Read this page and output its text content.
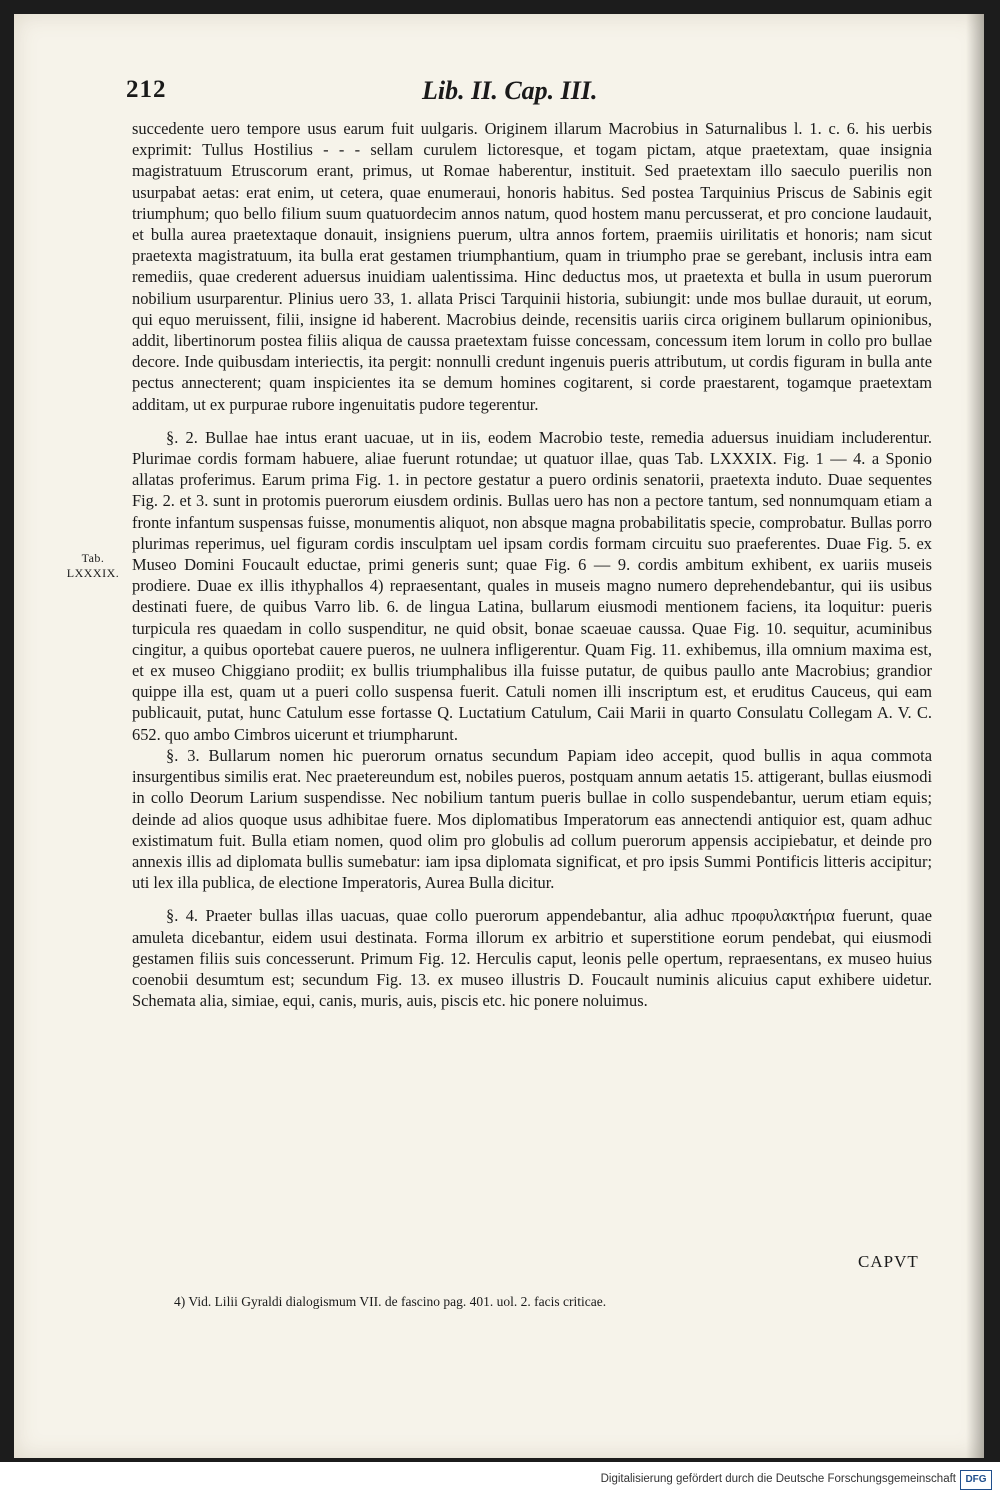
212	Lib. II. Cap. III.
Tab.
LXXXIX.

succedente uero tempore usus earum fuit uulgaris. Originem illarum Macrobius in Saturnalibus l. 1. c. 6. his uerbis exprimit: Tullus Hostilius - - - sellam curulem lictoresque, et togam pictam, atque praetextam, quae insignia magistratuum Etruscorum erant, primus, ut Romae haberentur, instituit. Sed praetextam illo saeculo puerilis non usurpabat aetas: erat enim, ut cetera, quae enumeraui, honoris habitus. Sed postea Tarquinius Priscus de Sabinis egit triumphum; quo bello filium suum quatuordecim annos natum, quod hostem manu percusserat, et pro concione laudauit, et bulla aurea praetextaque donauit, insigniens puerum, ultra annos fortem, praemiis uirilitatis et honoris; nam sicut praetexta magistratuum, ita bulla erat gestamen triumphantium, quam in triumpho prae se gerebant, inclusis intra eam remediis, quae crederent aduersus inuidiam ualentissima. Hinc deductus mos, ut praetexta et bulla in usum puerorum nobilium usurparentur. Plinius uero 33, 1. allata Prisci Tarquinii historia, subiungit: unde mos bullae durauit, ut eorum, qui equo meruissent, filii, insigne id haberent. Macrobius deinde, recensitis uariis circa originem bullarum opinionibus, addit, libertinorum postea filiis aliqua de caussa praetextam fuisse concessam, concessum item lorum in collo pro bullae decore. Inde quibusdam interiectis, ita pergit: nonnulli credunt ingenuis pueris attributum, ut cordis figuram in bulla ante pectus annecterent; quam inspicientes ita se demum homines cogitarent, si corde praestarent, togamque praetextam additam, ut ex purpurae rubore ingenuitatis pudore tegerentur.

§. 2. Bullae hae intus erant uacuae, ut in iis, eodem Macrobio teste, remedia aduersus inuidiam includerentur. Plurimae cordis formam habuere, aliae fuerunt rotundae; ut quatuor illae, quas Tab. LXXXIX. Fig. 1 — 4. a Sponio allatas proferimus. Earum prima Fig. 1. in pectore gestatur a puero ordinis senatorii, praetexta induto. Duae sequentes Fig. 2. et 3. sunt in protomis puerorum eiusdem ordinis. Bullas uero has non a pectore tantum, sed nonnumquam etiam a fronte infantum suspensas fuisse, monumentis aliquot, non absque magna probabilitatis specie, comprobatur. Bullas porro plurimas reperimus, uel figuram cordis insculptam uel ipsam cordis formam circuitu suo praeferentes. Duae Fig. 5. ex Museo Domini Foucault eductae, primi generis sunt; quae Fig. 6 — 9. cordis ambitum exhibent, ex uariis museis prodiere. Duae ex illis ithyphallos 4) repraesentant, quales in museis magno numero deprehendebantur, qui iis usibus destinati fuere, de quibus Varro lib. 6. de lingua Latina, bullarum eiusmodi mentionem faciens, ita loquitur: pueris turpicula res quaedam in collo suspenditur, ne quid obsit, bonae scaeuae caussa. Quae Fig. 10. sequitur, acuminibus cingitur, a quibus oportebat cauere pueros, ne uulnera infligerentur. Quam Fig. 11. exhibemus, illa omnium maxima est, et ex museo Chiggiano prodiit; ex bullis triumphalibus illa fuisse putatur, de quibus paullo ante Macrobius; grandior quippe illa est, quam ut a pueri collo suspensa fuerit. Catuli nomen illi inscriptum est, et eruditus Cauceus, qui eam publicauit, putat, hunc Catulum esse fortasse Q. Luctatium Catulum, Caii Marii in quarto Consulatu Collegam A. V. C. 652. quo ambo Cimbros uicerunt et triumpharunt.

§. 3. Bullarum nomen hic puerorum ornatus secundum Papiam ideo accepit, quod bullis in aqua commota insurgentibus similis erat. Nec praetereundum est, nobiles pueros, postquam annum aetatis 15. attigerant, bullas eiusmodi in collo Deorum Larium suspendisse. Nec nobilium tantum pueris bullae in collo suspendebantur, uerum etiam equis; deinde ad alios quoque usus adhibitae fuere. Mos diplomatibus Imperatorum eas annectendi antiquior est, quam adhuc existimatum fuit. Bulla etiam nomen, quod olim pro globulis ad collum puerorum appensis accipiebatur, et deinde pro annexis illis ad diplomata bullis sumebatur: iam ipsa diplomata significat, et pro ipsis Summi Pontificis litteris accipitur; uti lex illa publica, de electione Imperatoris, Aurea Bulla dicitur.

§. 4. Praeter bullas illas uacuas, quae collo puerorum appendebantur, alia adhuc προφυλακτήρια fuerunt, quae amuleta dicebantur, eidem usui destinata. Forma illorum ex arbitrio et superstitione eorum pendebat, qui eiusmodi gestamen filiis suis concesserunt. Primum Fig. 12. Herculis caput, leonis pelle opertum, repraesentans, ex museo huius coenobii desumtum est; secundum Fig. 13. ex museo illustris D. Foucault numinis alicuius caput exhibere uidetur. Schemata alia, simiae, equi, canis, muris, auis, piscis etc. hic ponere noluimus.

CAPVT
4) Vid. Lilii Gyraldi dialogismum VII. de fascino pag. 401. uol. 2. facis criticae.
Digitalisierung gefördert durch die Deutsche Forschungsgemeinschaft DFG
